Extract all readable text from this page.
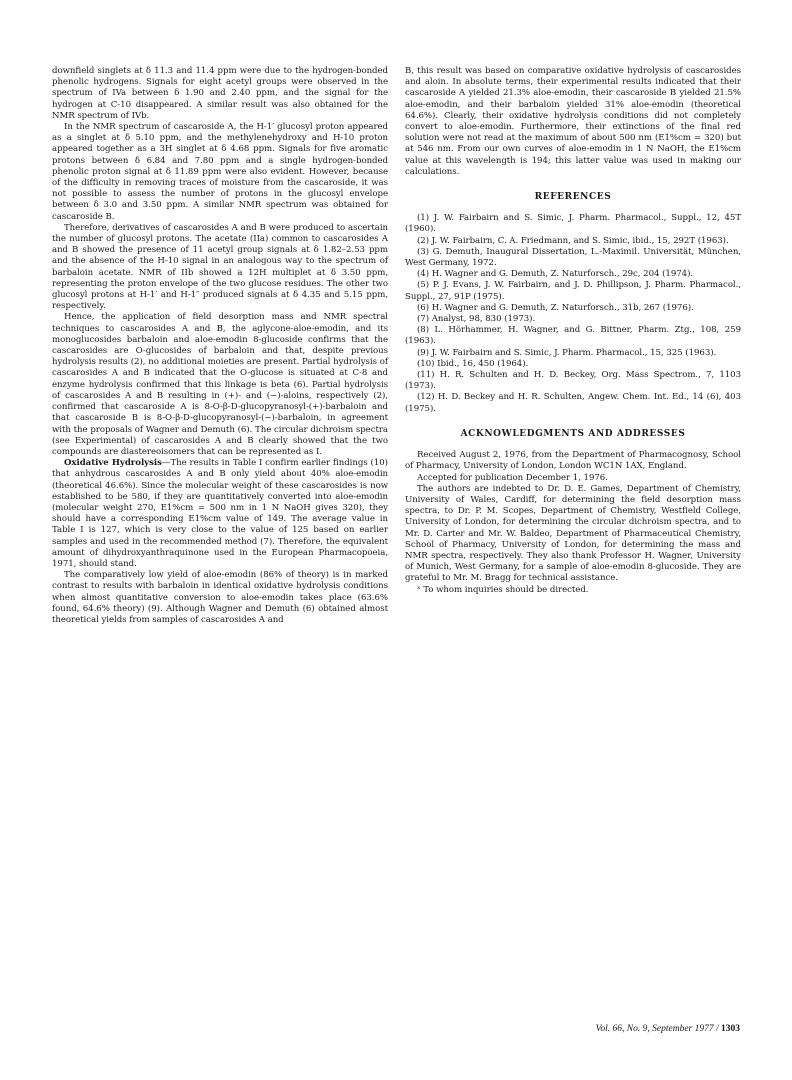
downfield singlets at δ 11.3 and 11.4 ppm were due to the hydrogen-bonded phenolic hydrogens. Signals for eight acetyl groups were observed in the spectrum of IVa between δ 1.90 and 2.40 ppm, and the signal for the hydrogen at C-10 disappeared. A similar result was also obtained for the NMR spectrum of IVb.

In the NMR spectrum of cascaroside A, the H-1′ glucosyl proton appeared as a singlet at δ 5.10 ppm, and the methylenehydroxy and H-10 proton appeared together as a 3H singlet at δ 4.68 ppm. Signals for five aromatic protons between δ 6.84 and 7.80 ppm and a single hydrogen-bonded phenolic proton signal at δ 11.89 ppm were also evident. However, because of the difficulty in removing traces of moisture from the cascaroside, it was not possible to assess the number of protons in the glucosyl envelope between δ 3.0 and 3.50 ppm. A similar NMR spectrum was obtained for cascaroside B.

Therefore, derivatives of cascarosides A and B were produced to ascertain the number of glucosyl protons. The acetate (IIa) common to cascarosides A and B showed the presence of 11 acetyl group signals at δ 1.82–2.53 ppm and the absence of the H-10 signal in an analogous way to the spectrum of barbaloin acetate. NMR of IIb showed a 12H multiplet at δ 3.50 ppm, representing the proton envelope of the two glucose residues. The other two glucosyl protons at H-1′ and H-1″ produced signals at δ 4.35 and 5.15 ppm, respectively.

Hence, the application of field desorption mass and NMR spectral techniques to cascarosides A and B, the aglycone-aloe-emodin, and its monoglucosides barbaloin and aloe-emodin 8-glucoside confirms that the cascarosides are O-glucosides of barbaloin and that, despite previous hydrolysis results (2), no additional moieties are present. Partial hydrolysis of cascarosides A and B indicated that the O-glucose is situated at C-8 and enzyme hydrolysis confirmed that this linkage is beta (6). Partial hydrolysis of cascarosides A and B resulting in (+)- and (−)-aloins, respectively (2), confirmed that cascaroside A is 8-O-β-D-glucopyranosyl-(+)-barbaloin and that cascaroside B is 8-O-β-D-glucopyranosyl-(−)-barbaloin, in agreement with the proposals of Wagner and Demuth (6). The circular dichroism spectra (see Experimental) of cascarosides A and B clearly showed that the two compounds are diastereoisomers that can be represented as I.

Oxidative Hydrolysis—The results in Table I confirm earlier findings (10) that anhydrous cascarosides A and B only yield about 40% aloe-emodin (theoretical 46.6%). Since the molecular weight of these cascarosides is now established to be 580, if they are quantitatively converted into aloe-emodin (molecular weight 270, E1%cm = 500 nm in 1 N NaOH gives 320), they should have a corresponding E1%cm value of 149. The average value in Table I is 127, which is very close to the value of 125 based on earlier samples and used in the recommended method (7). Therefore, the equivalent amount of dihydroxyanthraquinone used in the European Pharmacopoeia, 1971, should stand.

The comparatively low yield of aloe-emodin (86% of theory) is in marked contrast to results with barbaloin in identical oxidative hydrolysis conditions when almost quantitative conversion to aloe-emodin takes place (63.6% found, 64.6% theory) (9). Although Wagner and Demuth (6) obtained almost theoretical yields from samples of cascarosides A and

B, this result was based on comparative oxidative hydrolysis of cascarosides and aloin. In absolute terms, their experimental results indicated that their cascaroside A yielded 21.3% aloe-emodin, their cascaroside B yielded 21.5% aloe-emodin, and their barbaloin yielded 31% aloe-emodin (theoretical 64.6%). Clearly, their oxidative hydrolysis conditions did not completely convert to aloe-emodin. Furthermore, their extinctions of the final red solution were not read at the maximum of about 500 nm (E1%cm = 320) but at 546 nm. From our own curves of aloe-emodin in 1 N NaOH, the E1%cm value at this wavelength is 194; this latter value was used in making our calculations.

REFERENCES

(1) J. W. Fairbairn and S. Simic, J. Pharm. Pharmacol., Suppl., 12, 45T (1960).

(2) J. W. Fairbairn, C. A. Friedmann, and S. Simic, ibid., 15, 292T (1963).

(3) G. Demuth, Inaugural Dissertation, L.-Maximil. Universität, München, West Germany, 1972.

(4) H. Wagner and G. Demuth, Z. Naturforsch., 29c, 204 (1974).

(5) P. J. Evans, J. W. Fairbairn, and J. D. Phillipson, J. Pharm. Pharmacol., Suppl., 27, 91P (1975).

(6) H. Wagner and G. Demuth, Z. Naturforsch., 31b, 267 (1976).

(7) Analyst, 98, 830 (1973).

(8) L. Hörhammer, H. Wagner, and G. Bittner, Pharm. Ztg., 108, 259 (1963).

(9) J. W. Fairbairn and S. Simic, J. Pharm. Pharmacol., 15, 325 (1963).

(10) Ibid., 16, 450 (1964).

(11) H. R. Schulten and H. D. Beckey, Org. Mass Spectrom., 7, 1103 (1973).

(12) H. D. Beckey and H. R. Schulten, Angew. Chem. Int. Ed., 14 (6), 403 (1975).

ACKNOWLEDGMENTS AND ADDRESSES

Received August 2, 1976, from the Department of Pharmacognosy, School of Pharmacy, University of London, London WC1N 1AX, England.

Accepted for publication December 1, 1976.

The authors are indebted to Dr. D. E. Games, Department of Chemistry, University of Wales, Cardiff, for determining the field desorption mass spectra, to Dr. P. M. Scopes, Department of Chemistry, Westfield College, University of London, for determining the circular dichroism spectra, and to Mr. D. Carter and Mr. W. Baldeo, Department of Pharmaceutical Chemistry, School of Pharmacy, University of London, for determining the mass and NMR spectra, respectively. They also thank Professor H. Wagner, University of Munich, West Germany, for a sample of aloe-emodin 8-glucoside. They are grateful to Mr. M. Bragg for technical assistance.

ˣ To whom inquiries should be directed.

Vol. 66, No. 9, September 1977 / 1303
